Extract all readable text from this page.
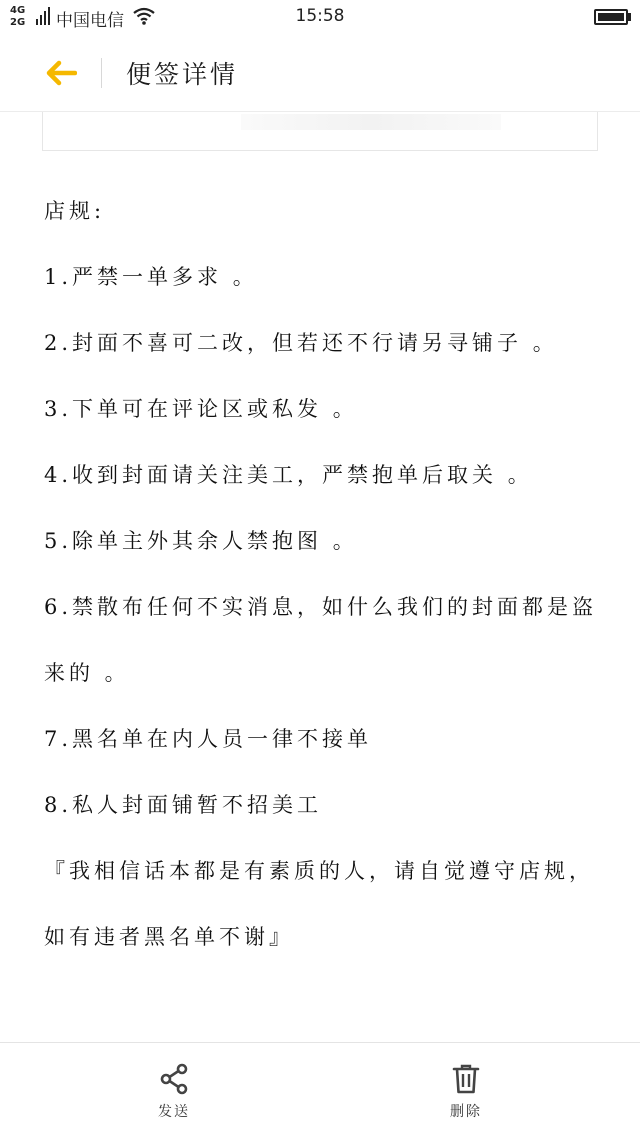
4G
2G 中国电信	15:58
便签详情
店规:
1.严禁一单多求 。
2.封面不喜可二改，但若还不行请另寻铺子 。
3.下单可在评论区或私发 。
4.收到封面请关注美工，严禁抱单后取关 。
5.除单主外其余人禁抱图 。
6.禁散布任何不实消息，如什么我们的封面都是盗
来的 。
7.黑名单在内人员一律不接单
8.私人封面铺暂不招美工
『我相信话本都是有素质的人，请自觉遵守店规，
如有违者黑名单不谢』
发送	删除
